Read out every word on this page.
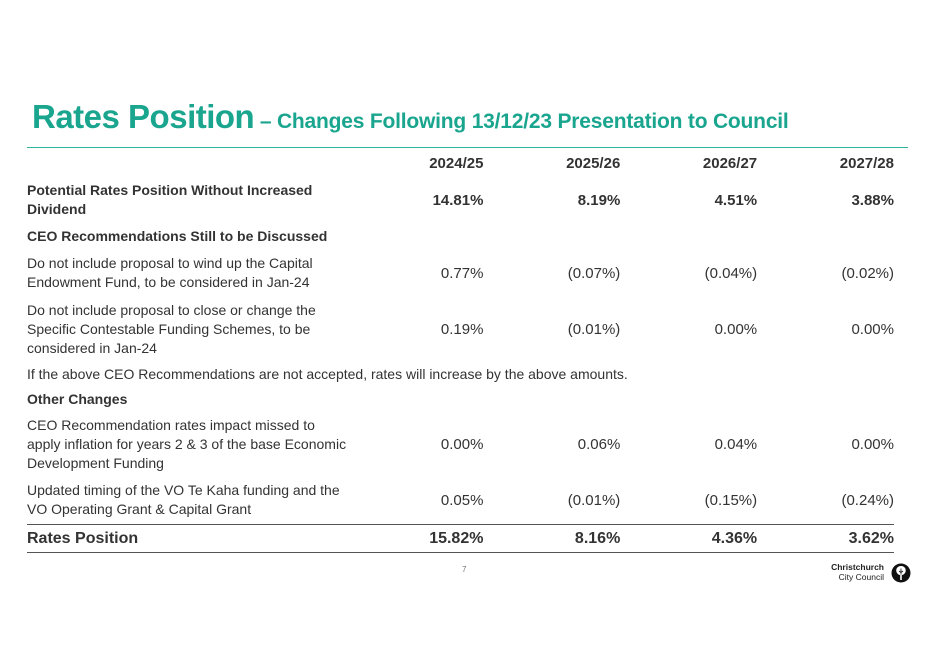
Rates Position – Changes Following 13/12/23 Presentation to Council
	2024/25	2025/26	2026/27	2027/28
Potential Rates Position Without Increased Dividend	14.81%	8.19%	4.51%	3.88%
CEO Recommendations Still to be Discussed				
Do not include proposal to wind up the Capital Endowment Fund, to be considered in Jan-24	0.77%	(0.07%)	(0.04%)	(0.02%)
Do not include proposal to close or change the Specific Contestable Funding Schemes, to be considered in Jan-24	0.19%	(0.01%)	0.00%	0.00%
If the above CEO Recommendations are not accepted, rates will increase by the above amounts.				
Other Changes				
CEO Recommendation rates impact missed to apply inflation for years 2 & 3 of the base Economic Development Funding	0.00%	0.06%	0.04%	0.00%
Updated timing of the VO Te Kaha funding and the VO Operating Grant & Capital Grant	0.05%	(0.01%)	(0.15%)	(0.24%)
Rates Position	15.82%	8.16%	4.36%	3.62%
7	Christchurch
City Council
